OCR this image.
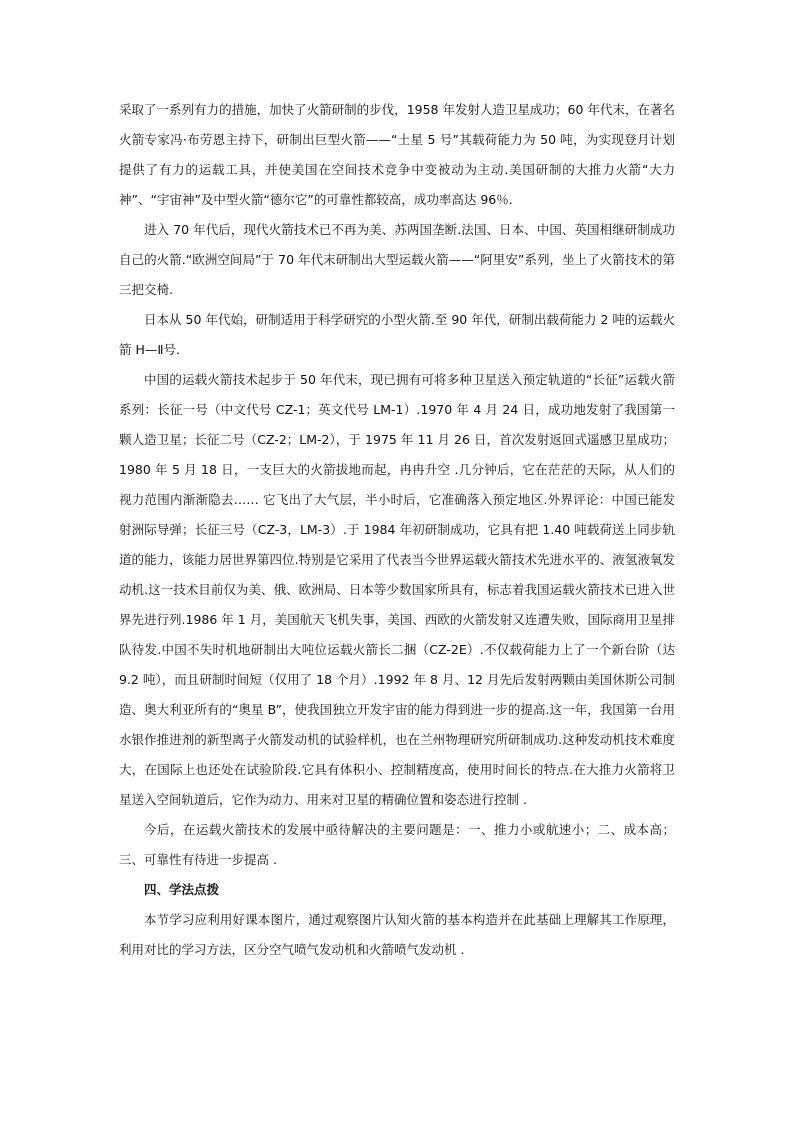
采取了一系列有力的措施，加快了火箭研制的步伐，1958 年发射人造卫星成功；60 年代末，在著名火箭专家冯·布劳恩主持下，研制出巨型火箭——“土星 5 号”其载荷能力为 50 吨，为实现登月计划提供了有力的运载工具，并使美国在空间技术竞争中变被动为主动.美国研制的大推力火箭“大力神”、“宇宙神”及中型火箭“德尔它”的可靠性都较高，成功率高达 96％.

进入 70 年代后，现代火箭技术已不再为美、苏两国垄断.法国、日本、中国、英国相继研制成功自己的火箭.“欧洲空间局”于 70 年代末研制出大型运载火箭——“阿里安”系列，坐上了火箭技术的第三把交椅.

日本从 50 年代始，研制适用于科学研究的小型火箭.至 90 年代，研制出载荷能力 2 吨的运载火箭 H—Ⅱ号.

中国的运载火箭技术起步于 50 年代末，现已拥有可将多种卫星送入预定轨道的“长征”运载火箭系列：长征一号（中文代号 CZ-1；英文代号 LM-1）.1970 年 4 月 24 日，成功地发射了我国第一颗人造卫星；长征二号（CZ-2；LM-2），于 1975 年 11 月 26 日，首次发射返回式遥感卫星成功；1980 年 5 月 18 日，一支巨大的火箭拔地而起，冉冉升空 .几分钟后，它在茫茫的天际，从人们的视力范围内渐渐隐去…… 它飞出了大气层，半小时后，它准确落入预定地区.外界评论：中国已能发射洲际导弹；长征三号（CZ-3，LM-3）.于 1984 年初研制成功，它具有把 1.40 吨载荷送上同步轨道的能力，该能力居世界第四位.特别是它采用了代表当今世界运载火箭技术先进水平的、液氢液氧发动机.这一技术目前仅为美、俄、欧洲局、日本等少数国家所具有，标志着我国运载火箭技术已进入世界先进行列.1986 年 1 月，美国航天飞机失事，美国、西欧的火箭发射又连遭失败，国际商用卫星排队待发.中国不失时机地研制出大吨位运载火箭长二捆（CZ-2E）.不仅载荷能力上了一个新台阶（达 9.2 吨），而且研制时间短（仅用了 18 个月）.1992 年 8 月、12 月先后发射两颗由美国休斯公司制造、奥大利亚所有的“奥星 B”，使我国独立开发宇宙的能力得到进一步的提高.这一年，我国第一台用水银作推进剂的新型离子火箭发动机的试验样机，也在兰州物理研究所研制成功.这种发动机技术难度大，在国际上也还处在试验阶段.它具有体积小、控制精度高，使用时间长的特点.在大推力火箭将卫星送入空间轨道后，它作为动力、用来对卫星的精确位置和姿态进行控制 .

今后，在运载火箭技术的发展中亟待解决的主要问题是：一、推力小或航速小；二、成本高；三、可靠性有待进一步提高 .

四、学法点拨

本节学习应利用好课本图片，通过观察图片认知火箭的基本构造并在此基础上理解其工作原理，利用对比的学习方法，区分空气喷气发动机和火箭喷气发动机 .
